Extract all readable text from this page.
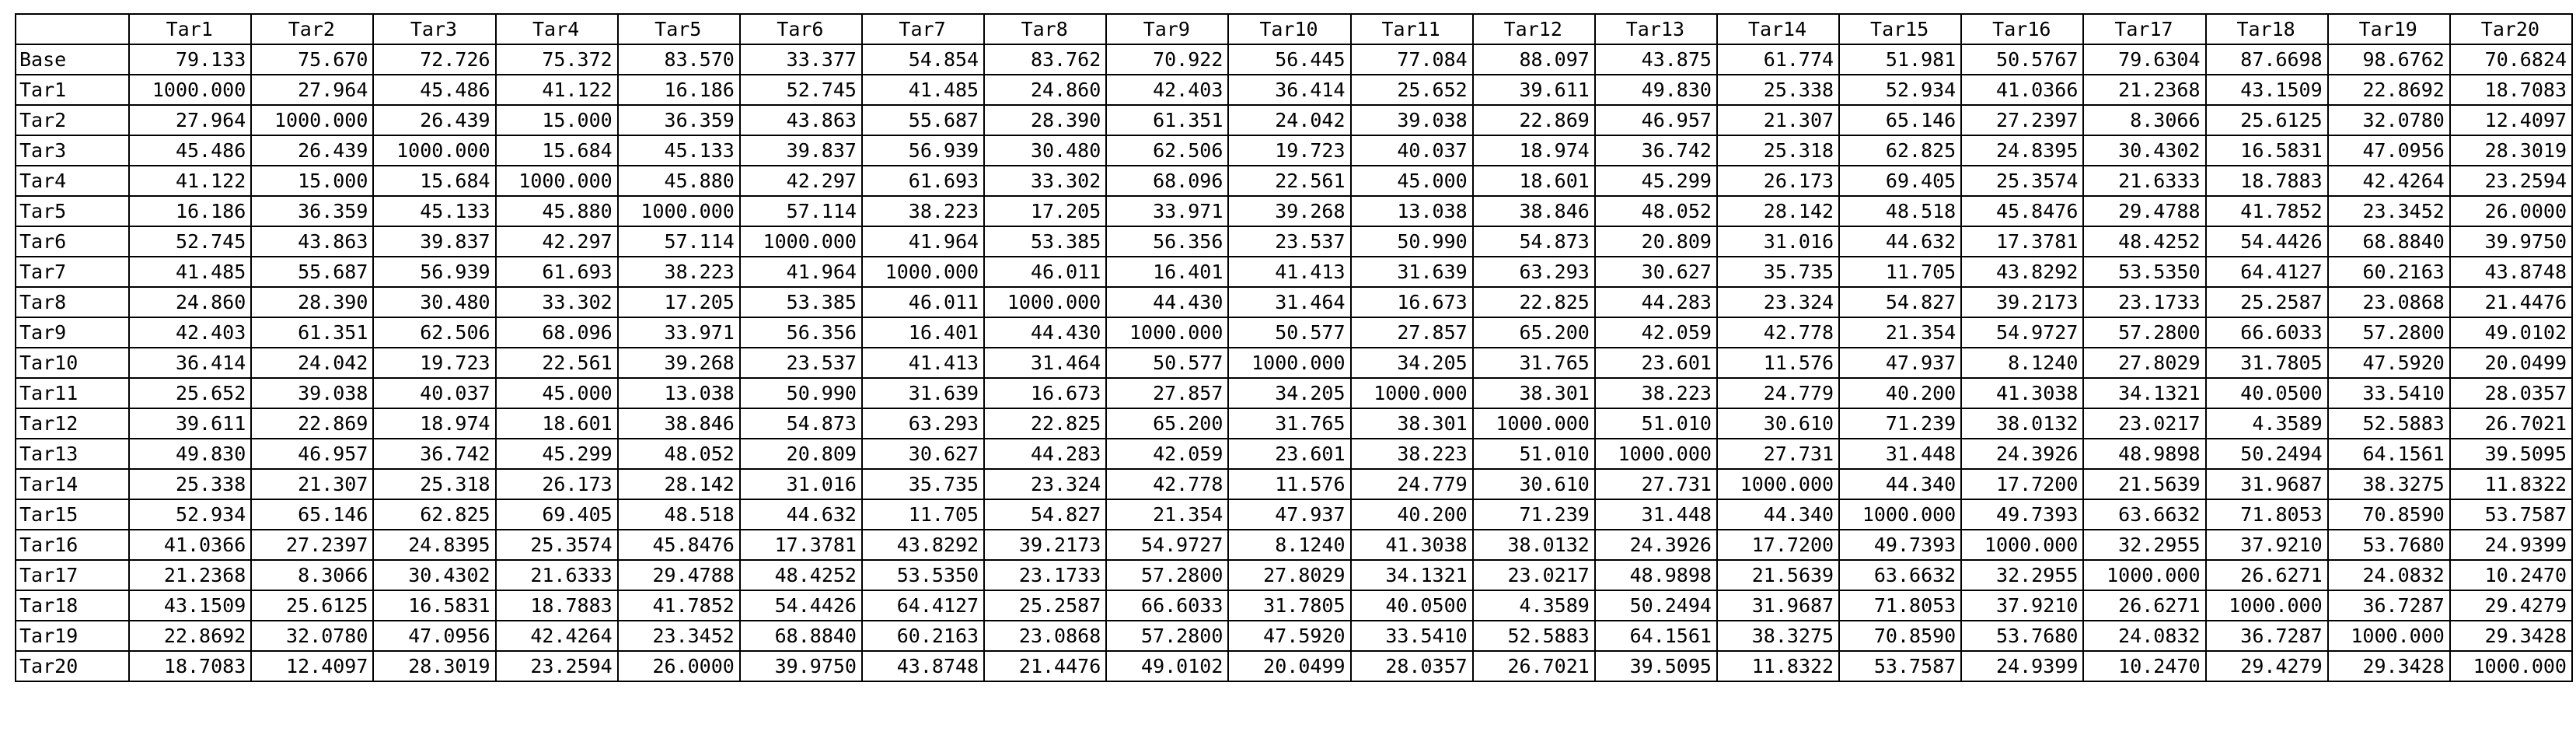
	Tar1	Tar2	Tar3	Tar4	Tar5	Tar6	Tar7	Tar8	Tar9	Tar10	Tar11	Tar12	Tar13	Tar14	Tar15	Tar16	Tar17	Tar18	Tar19	Tar20
Base	79.133	75.670	72.726	75.372	83.570	33.377	54.854	83.762	70.922	56.445	77.084	88.097	43.875	61.774	51.981	50.5767	79.6304	87.6698	98.6762	70.6824
Tar1	1000.000	27.964	45.486	41.122	16.186	52.745	41.485	24.860	42.403	36.414	25.652	39.611	49.830	25.338	52.934	41.0366	21.2368	43.1509	22.8692	18.7083
Tar2	27.964	1000.000	26.439	15.000	36.359	43.863	55.687	28.390	61.351	24.042	39.038	22.869	46.957	21.307	65.146	27.2397	8.3066	25.6125	32.0780	12.4097
Tar3	45.486	26.439	1000.000	15.684	45.133	39.837	56.939	30.480	62.506	19.723	40.037	18.974	36.742	25.318	62.825	24.8395	30.4302	16.5831	47.0956	28.3019
Tar4	41.122	15.000	15.684	1000.000	45.880	42.297	61.693	33.302	68.096	22.561	45.000	18.601	45.299	26.173	69.405	25.3574	21.6333	18.7883	42.4264	23.2594
Tar5	16.186	36.359	45.133	45.880	1000.000	57.114	38.223	17.205	33.971	39.268	13.038	38.846	48.052	28.142	48.518	45.8476	29.4788	41.7852	23.3452	26.0000
Tar6	52.745	43.863	39.837	42.297	57.114	1000.000	41.964	53.385	56.356	23.537	50.990	54.873	20.809	31.016	44.632	17.3781	48.4252	54.4426	68.8840	39.9750
Tar7	41.485	55.687	56.939	61.693	38.223	41.964	1000.000	46.011	16.401	41.413	31.639	63.293	30.627	35.735	11.705	43.8292	53.5350	64.4127	60.2163	43.8748
Tar8	24.860	28.390	30.480	33.302	17.205	53.385	46.011	1000.000	44.430	31.464	16.673	22.825	44.283	23.324	54.827	39.2173	23.1733	25.2587	23.0868	21.4476
Tar9	42.403	61.351	62.506	68.096	33.971	56.356	16.401	44.430	1000.000	50.577	27.857	65.200	42.059	42.778	21.354	54.9727	57.2800	66.6033	57.2800	49.0102
Tar10	36.414	24.042	19.723	22.561	39.268	23.537	41.413	31.464	50.577	1000.000	34.205	31.765	23.601	11.576	47.937	8.1240	27.8029	31.7805	47.5920	20.0499
Tar11	25.652	39.038	40.037	45.000	13.038	50.990	31.639	16.673	27.857	34.205	1000.000	38.301	38.223	24.779	40.200	41.3038	34.1321	40.0500	33.5410	28.0357
Tar12	39.611	22.869	18.974	18.601	38.846	54.873	63.293	22.825	65.200	31.765	38.301	1000.000	51.010	30.610	71.239	38.0132	23.0217	4.3589	52.5883	26.7021
Tar13	49.830	46.957	36.742	45.299	48.052	20.809	30.627	44.283	42.059	23.601	38.223	51.010	1000.000	27.731	31.448	24.3926	48.9898	50.2494	64.1561	39.5095
Tar14	25.338	21.307	25.318	26.173	28.142	31.016	35.735	23.324	42.778	11.576	24.779	30.610	27.731	1000.000	44.340	17.7200	21.5639	31.9687	38.3275	11.8322
Tar15	52.934	65.146	62.825	69.405	48.518	44.632	11.705	54.827	21.354	47.937	40.200	71.239	31.448	44.340	1000.000	49.7393	63.6632	71.8053	70.8590	53.7587
Tar16	41.0366	27.2397	24.8395	25.3574	45.8476	17.3781	43.8292	39.2173	54.9727	8.1240	41.3038	38.0132	24.3926	17.7200	49.7393	1000.000	32.2955	37.9210	53.7680	24.9399
Tar17	21.2368	8.3066	30.4302	21.6333	29.4788	48.4252	53.5350	23.1733	57.2800	27.8029	34.1321	23.0217	48.9898	21.5639	63.6632	32.2955	1000.000	26.6271	24.0832	10.2470
Tar18	43.1509	25.6125	16.5831	18.7883	41.7852	54.4426	64.4127	25.2587	66.6033	31.7805	40.0500	4.3589	50.2494	31.9687	71.8053	37.9210	26.6271	1000.000	36.7287	29.4279
Tar19	22.8692	32.0780	47.0956	42.4264	23.3452	68.8840	60.2163	23.0868	57.2800	47.5920	33.5410	52.5883	64.1561	38.3275	70.8590	53.7680	24.0832	36.7287	1000.000	29.3428
Tar20	18.7083	12.4097	28.3019	23.2594	26.0000	39.9750	43.8748	21.4476	49.0102	20.0499	28.0357	26.7021	39.5095	11.8322	53.7587	24.9399	10.2470	29.4279	29.3428	1000.000
